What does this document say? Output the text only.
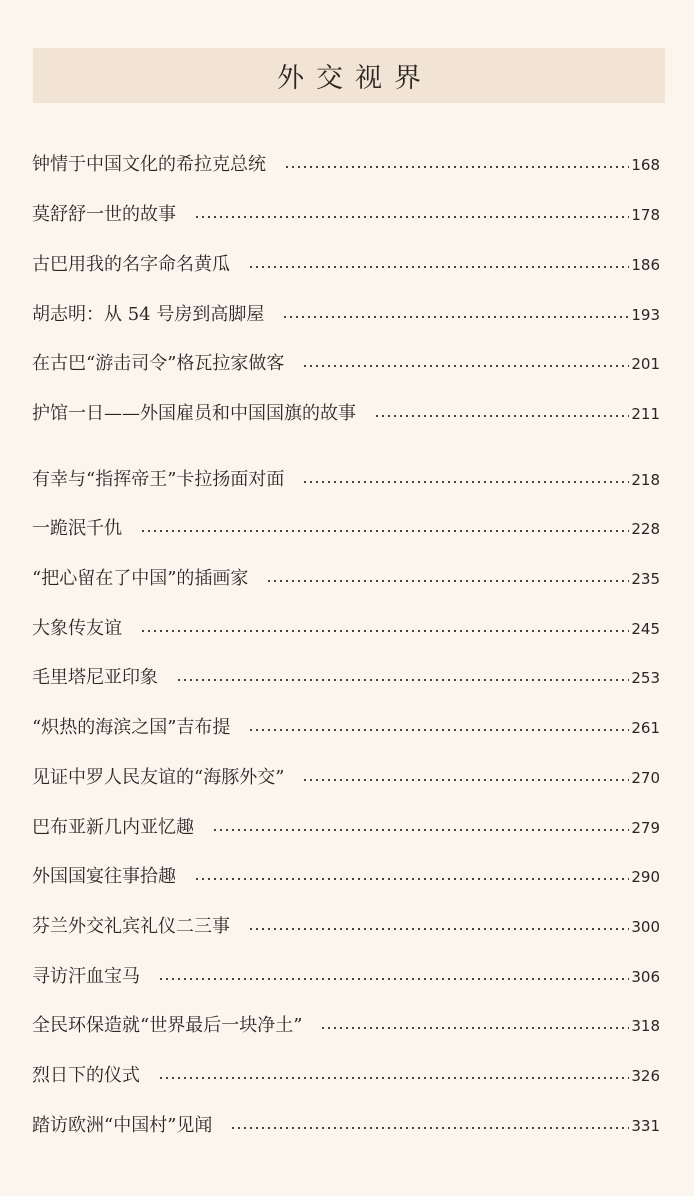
外交视界
钟情于中国文化的希拉克总统	168
莫舒舒一世的故事	178
古巴用我的名字命名黄瓜	186
胡志明：从 54 号房到高脚屋	193
在古巴“游击司令”格瓦拉家做客	201
护馆一日——外国雇员和中国国旗的故事	211
有幸与“指挥帝王”卡拉扬面对面	218
一跪泯千仇	228
“把心留在了中国”的插画家	235
大象传友谊	245
毛里塔尼亚印象	253
“炽热的海滨之国”吉布提	261
见证中罗人民友谊的“海豚外交”	270
巴布亚新几内亚忆趣	279
外国国宴往事拾趣	290
芬兰外交礼宾礼仪二三事	300
寻访汗血宝马	306
全民环保造就“世界最后一块净土”	318
烈日下的仪式	326
踏访欧洲“中国村”见闻	331
